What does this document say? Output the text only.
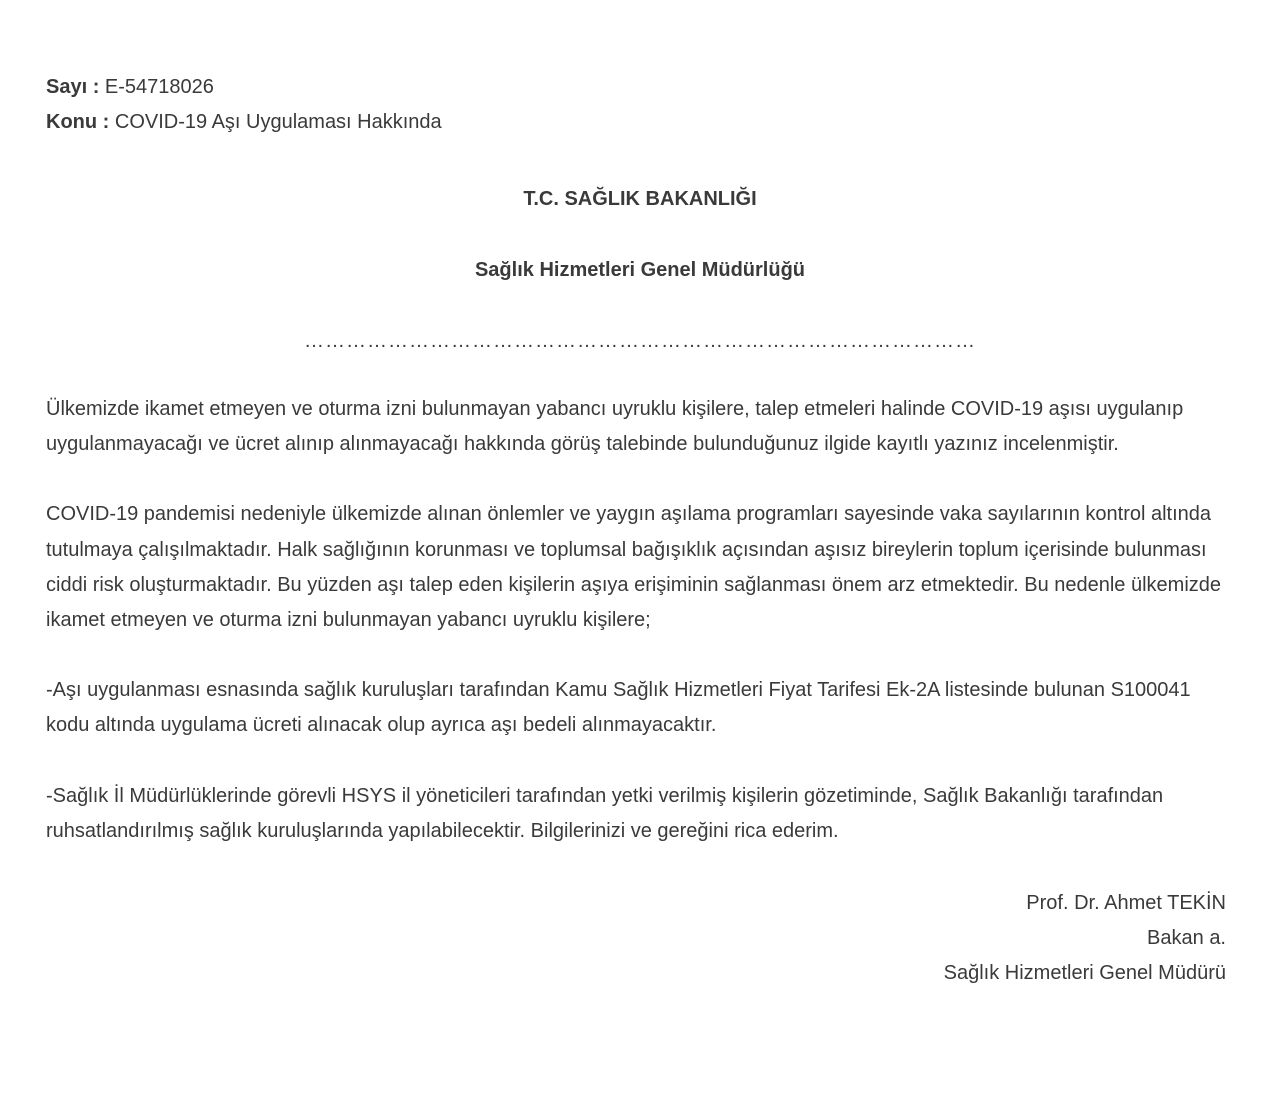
Sayı : E-54718026
Konu : COVID-19 Aşı Uygulaması Hakkında
T.C. SAĞLIK BAKANLIĞI
Sağlık Hizmetleri Genel Müdürlüğü
……………………………………………………………………………………

Ülkemizde ikamet etmeyen ve oturma izni bulunmayan yabancı uyruklu kişilere, talep etmeleri halinde COVID-19 aşısı uygulanıp uygulanmayacağı ve ücret alınıp alınmayacağı hakkında görüş talebinde bulunduğunuz ilgide kayıtlı yazınız incelenmiştir.

COVID-19 pandemisi nedeniyle ülkemizde alınan önlemler ve yaygın aşılama programları sayesinde vaka sayılarının kontrol altında tutulmaya çalışılmaktadır. Halk sağlığının korunması ve toplumsal bağışıklık açısından aşısız bireylerin toplum içerisinde bulunması ciddi risk oluşturmaktadır. Bu yüzden aşı talep eden kişilerin aşıya erişiminin sağlanması önem arz etmektedir. Bu nedenle ülkemizde ikamet etmeyen ve oturma izni bulunmayan yabancı uyruklu kişilere;

-Aşı uygulanması esnasında sağlık kuruluşları tarafından Kamu Sağlık Hizmetleri Fiyat Tarifesi Ek-2A listesinde bulunan S100041 kodu altında uygulama ücreti alınacak olup ayrıca aşı bedeli alınmayacaktır.

-Sağlık İl Müdürlüklerinde görevli HSYS il yöneticileri tarafından yetki verilmiş kişilerin gözetiminde, Sağlık Bakanlığı tarafından ruhsatlandırılmış sağlık kuruluşlarında yapılabilecektir. Bilgilerinizi ve gereğini rica ederim.

Prof. Dr. Ahmet TEKİN
Bakan a.
Sağlık Hizmetleri Genel Müdürü
